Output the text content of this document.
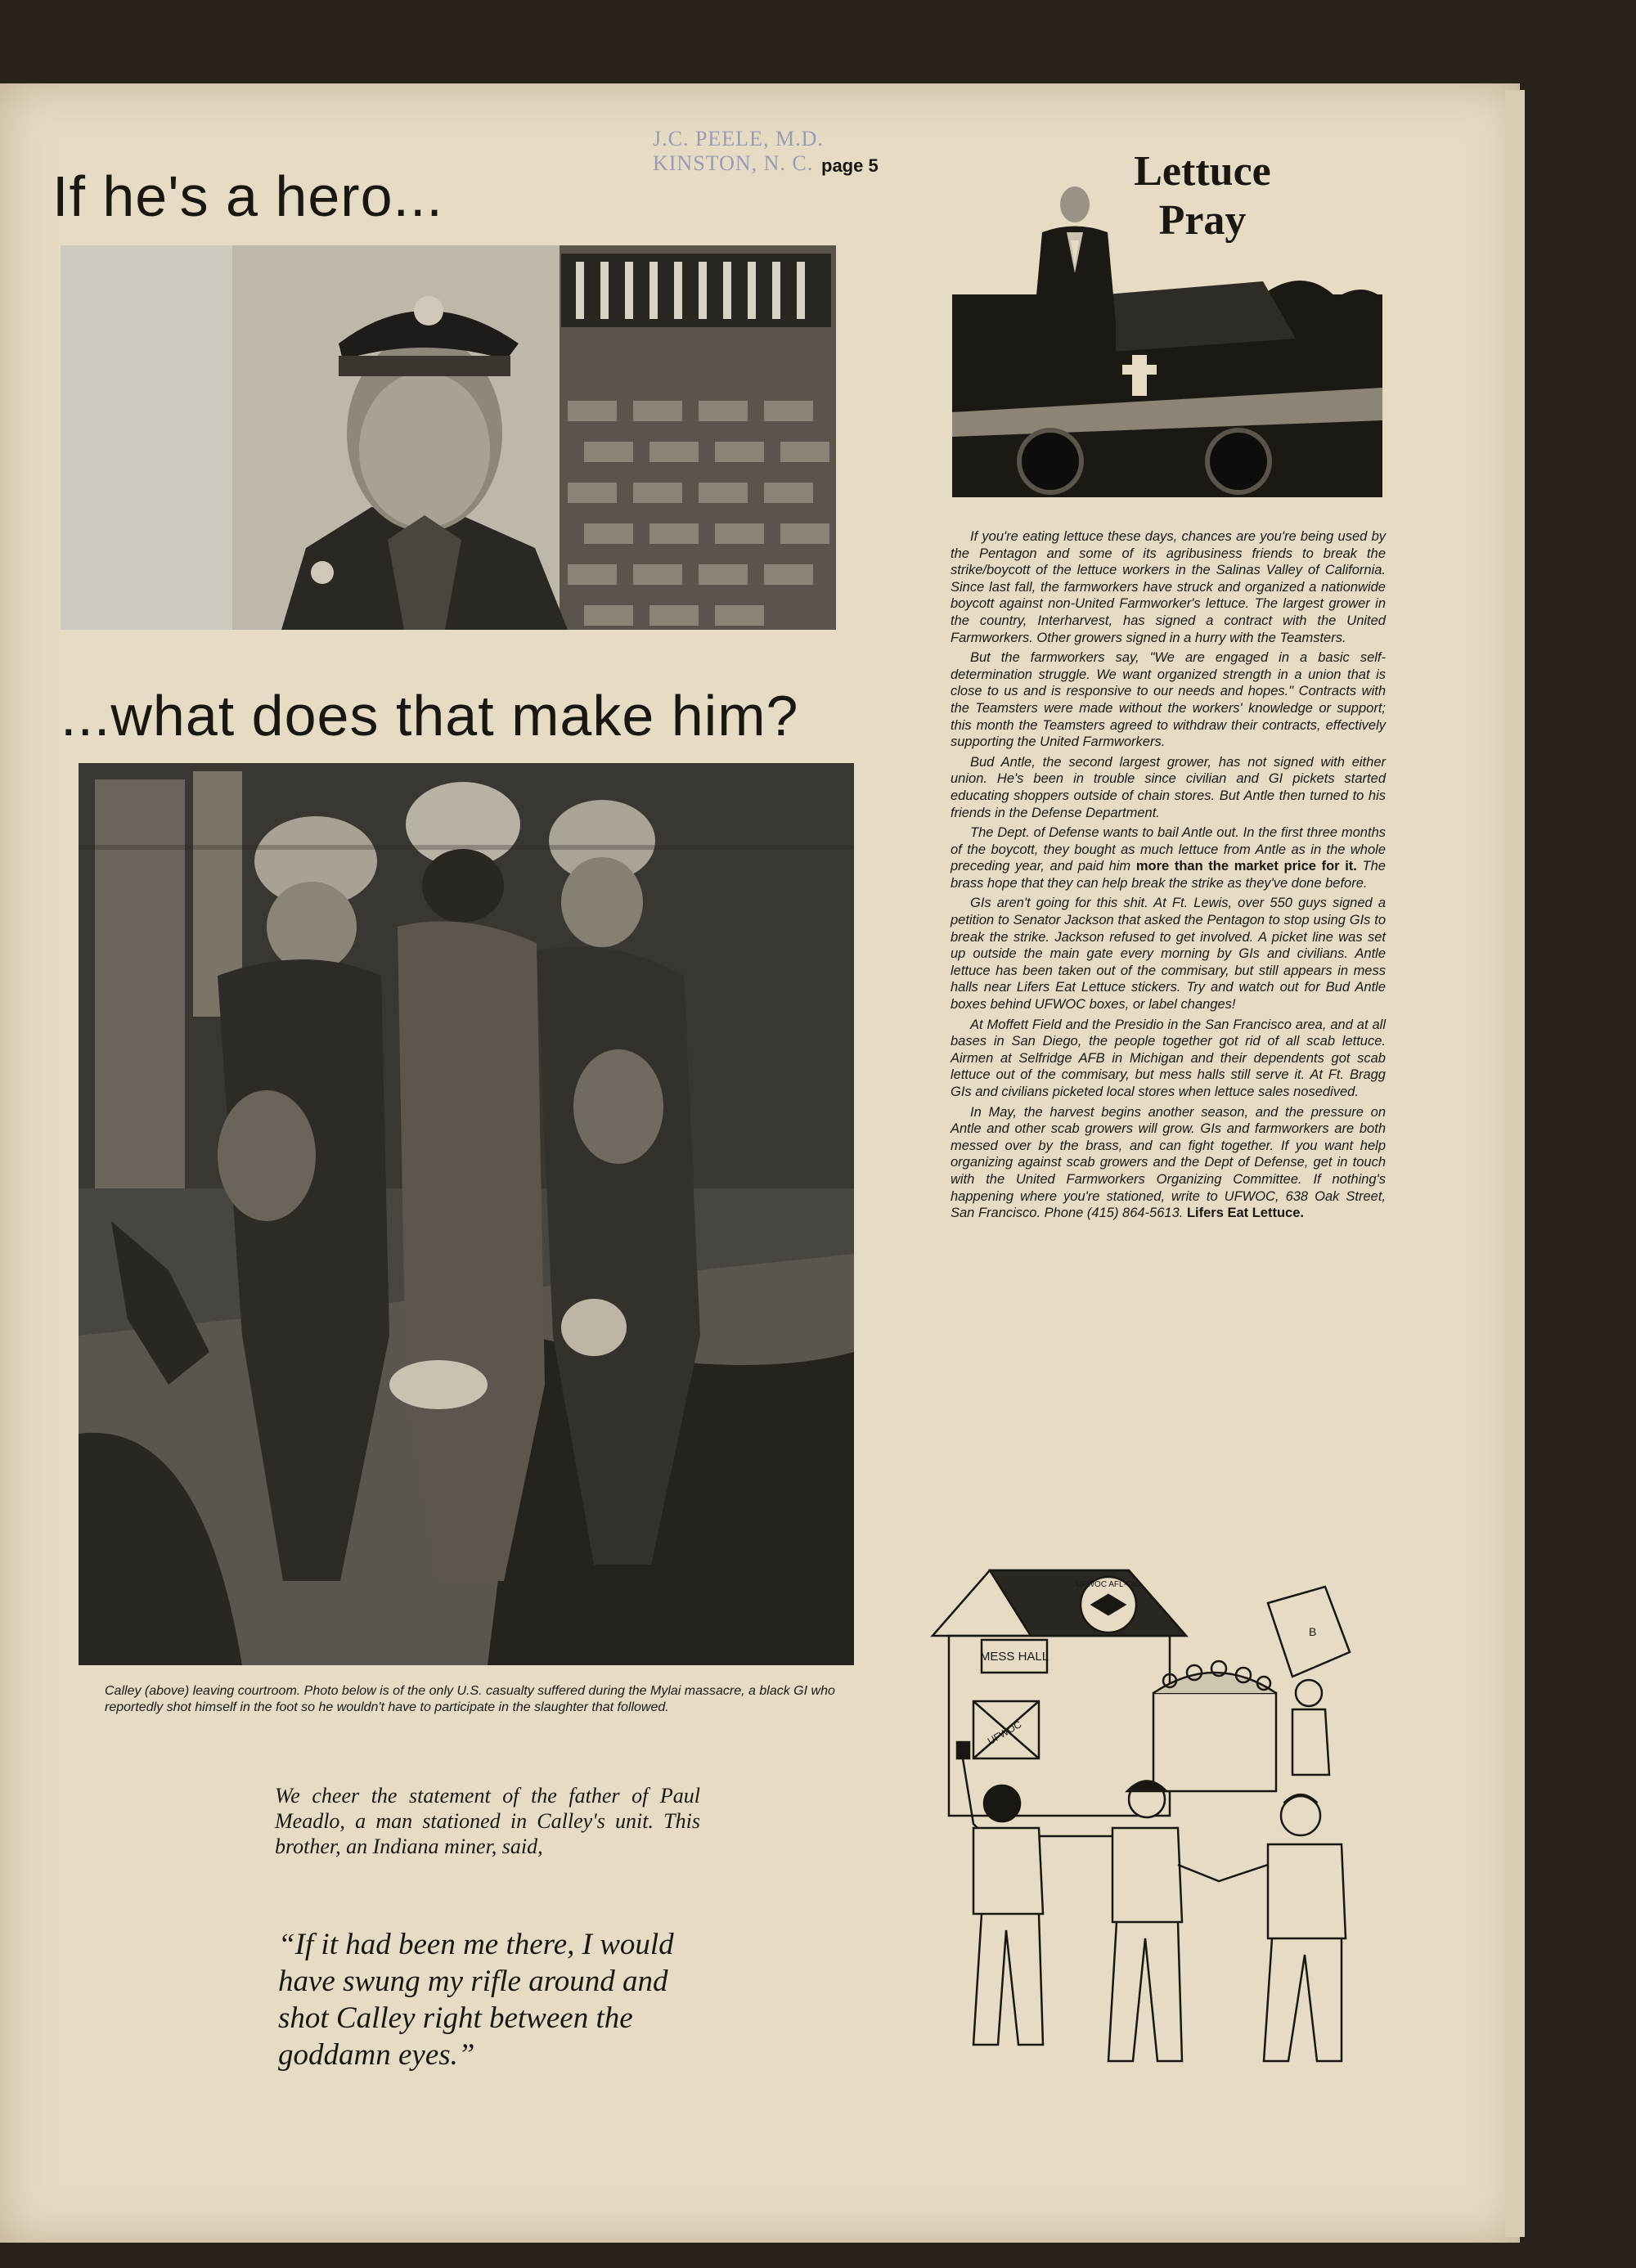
J.C. PEELE, M.D.
KINSTON, N. C. page 5
If he's a hero...
...what does that make him?
Calley (above) leaving courtroom. Photo below is of the only U.S. casualty suffered during the Mylai massacre, a black GI who reportedly shot himself in the foot so he wouldn't have to participate in the slaughter that followed.
We cheer the statement of the father of Paul Meadlo, a man stationed in Calley's unit. This brother, an Indiana miner, said,
“If it had been me there, I would have swung my rifle around and shot Calley right between the goddamn eyes.”
Lettuce
Pray

If you're eating lettuce these days, chances are you're being used by the Pentagon and some of its agribusiness friends to break the strike/boycott of the lettuce workers in the Salinas Valley of California. Since last fall, the farmworkers have struck and organized a nationwide boycott against non-United Farmworker's lettuce. The largest grower in the country, Interharvest, has signed a contract with the United Farmworkers. Other growers signed in a hurry with the Teamsters.

But the farmworkers say, "We are engaged in a basic self-determination struggle. We want organized strength in a union that is close to us and is responsive to our needs and hopes." Contracts with the Teamsters were made without the workers' knowledge or support; this month the Teamsters agreed to withdraw their contracts, effectively supporting the United Farmworkers.

Bud Antle, the second largest grower, has not signed with either union. He's been in trouble since civilian and GI pickets started educating shoppers outside of chain stores. But Antle then turned to his friends in the Defense Department.

The Dept. of Defense wants to bail Antle out. In the first three months of the boycott, they bought as much lettuce from Antle as in the whole preceding year, and paid him more than the market price for it. The brass hope that they can help break the strike as they've done before.

GIs aren't going for this shit. At Ft. Lewis, over 550 guys signed a petition to Senator Jackson that asked the Pentagon to stop using GIs to break the strike. Jackson refused to get involved. A picket line was set up outside the main gate every morning by GIs and civilians. Antle lettuce has been taken out of the commisary, but still appears in mess halls near Lifers Eat Lettuce stickers. Try and watch out for Bud Antle boxes behind UFWOC boxes, or label changes!

At Moffett Field and the Presidio in the San Francisco area, and at all bases in San Diego, the people together got rid of all scab lettuce. Airmen at Selfridge AFB in Michigan and their dependents got scab lettuce out of the commisary, but mess halls still serve it. At Ft. Bragg GIs and civilians picketed local stores when lettuce sales nosedived.

In May, the harvest begins another season, and the pressure on Antle and other scab growers will grow. GIs and farmworkers are both messed over by the brass, and can fight together. If you want help organizing against scab growers and the Dept of Defense, get in touch with the United Farmworkers Organizing Committee. If nothing's happening where you're stationed, write to UFWOC, 638 Oak Street, San Francisco. Phone (415) 864-5613. Lifers Eat Lettuce.

UFWOC AFL-CIO
MESS HALL
UFWOC
B
